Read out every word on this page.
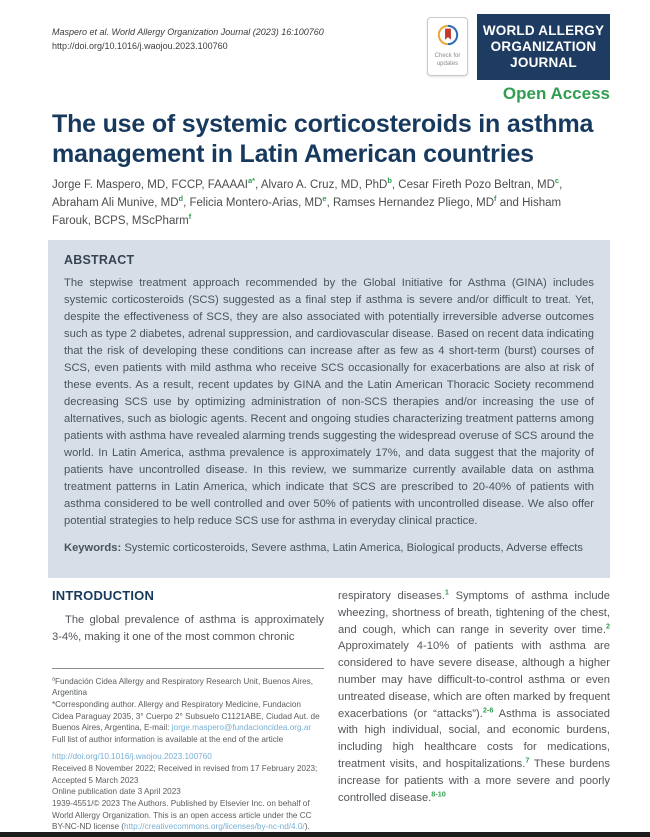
Maspero et al. World Allergy Organization Journal (2023) 16:100760
http://doi.org/10.1016/j.waojou.2023.100760
Check for
updates
WORLD ALLERGY
ORGANIZATION
JOURNAL
Open Access
The use of systemic corticosteroids in asthma management in Latin American countries
Jorge F. Maspero, MD, FCCP, $FAAAAI^{a*}$, Alvaro A. Cruz, MD, PhD$^b$, Cesar Fireth Pozo Beltran, $MD^c$, Abraham Ali Munive, $MD^d$, Felicia Montero-Arias, MDe, Ramses Hernandez Pliego, $MD^f$ and Hisham Farouk, BCPS, MScPharm$^f$
ABSTRACT

The stepwise treatment approach recommended by the Global Initiative for Asthma (GINA) includes systemic corticosteroids (SCS) suggested as a final step if asthma is severe and/or difficult to treat. Yet, despite the effectiveness of SCS, they are also associated with potentially irreversible adverse outcomes such as type 2 diabetes, adrenal suppression, and cardiovascular disease. Based on recent data indicating that the risk of developing these conditions can increase after as few as 4 short-term (burst) courses of SCS, even patients with mild asthma who receive SCS occasionally for exacerbations are also at risk of these events. As a result, recent updates by GINA and the Latin American Thoracic Society recommend decreasing SCS use by optimizing administration of non-SCS therapies and/or increasing the use of alternatives, such as biologic agents. Recent and ongoing studies characterizing treatment patterns among patients with asthma have revealed alarming trends suggesting the widespread overuse of SCS around the world. In Latin America, asthma prevalence is approximately 17%, and data suggest that the majority of patients have uncontrolled disease. In this review, we summarize currently available data on asthma treatment patterns in Latin America, which indicate that SCS are prescribed to 20-40% of patients with asthma considered to be well controlled and over 50% of patients with uncontrolled disease. We also offer potential strategies to help reduce SCS use for asthma in everyday clinical practice.

Keywords: Systemic corticosteroids, Severe asthma, Latin America, Biological products, Adverse effects

INTRODUCTION

The global prevalence of asthma is approximately 3-4%, making it one of the most common chronic

$^a$Fundación Cidea Allergy and Respiratory Research Unit, Buenos Aires, Argentina

*Corresponding author. Allergy and Respiratory Medicine, Fundacion Cidea Paraguay 2035, 3° Cuerpo 2° Subsuelo C1121ABE, Ciudad Aut. de Buenos Aires, Argentina, E-mail: jorge.maspero@fundacioncidea.org.ar

Full list of author information is available at the end of the article

http://doi.org/10.1016/j.waojou.2023.100760

Received 8 November 2022; Received in revised from 17 February 2023; Accepted 5 March 2023

Online publication date 3 April 2023

1939-4551/© 2023 The Authors. Published by Elsevier Inc. on behalf of World Allergy Organization. This is an open access article under the CC BY-NC-ND license (http://creativecommons.org/licenses/by-nc-nd/4.0/).

respiratory diseases.$^1$ Symptoms of asthma include wheezing, shortness of breath, tightening of the chest, and cough, which can range in severity over time.$^2$ Approximately 4-10% of patients with asthma are considered to have severe disease, although a higher number may have difficult-to-control asthma or even untreated disease, which are often marked by frequent exacerbations (or “attacks”).$^{2-6}$ Asthma is associated with high individual, social, and economic burdens, including high healthcare costs for medications, treatment visits, and hospitalizations.$^7$ These burdens increase for patients with a more severe and poorly controlled disease.$^{8-10}$
